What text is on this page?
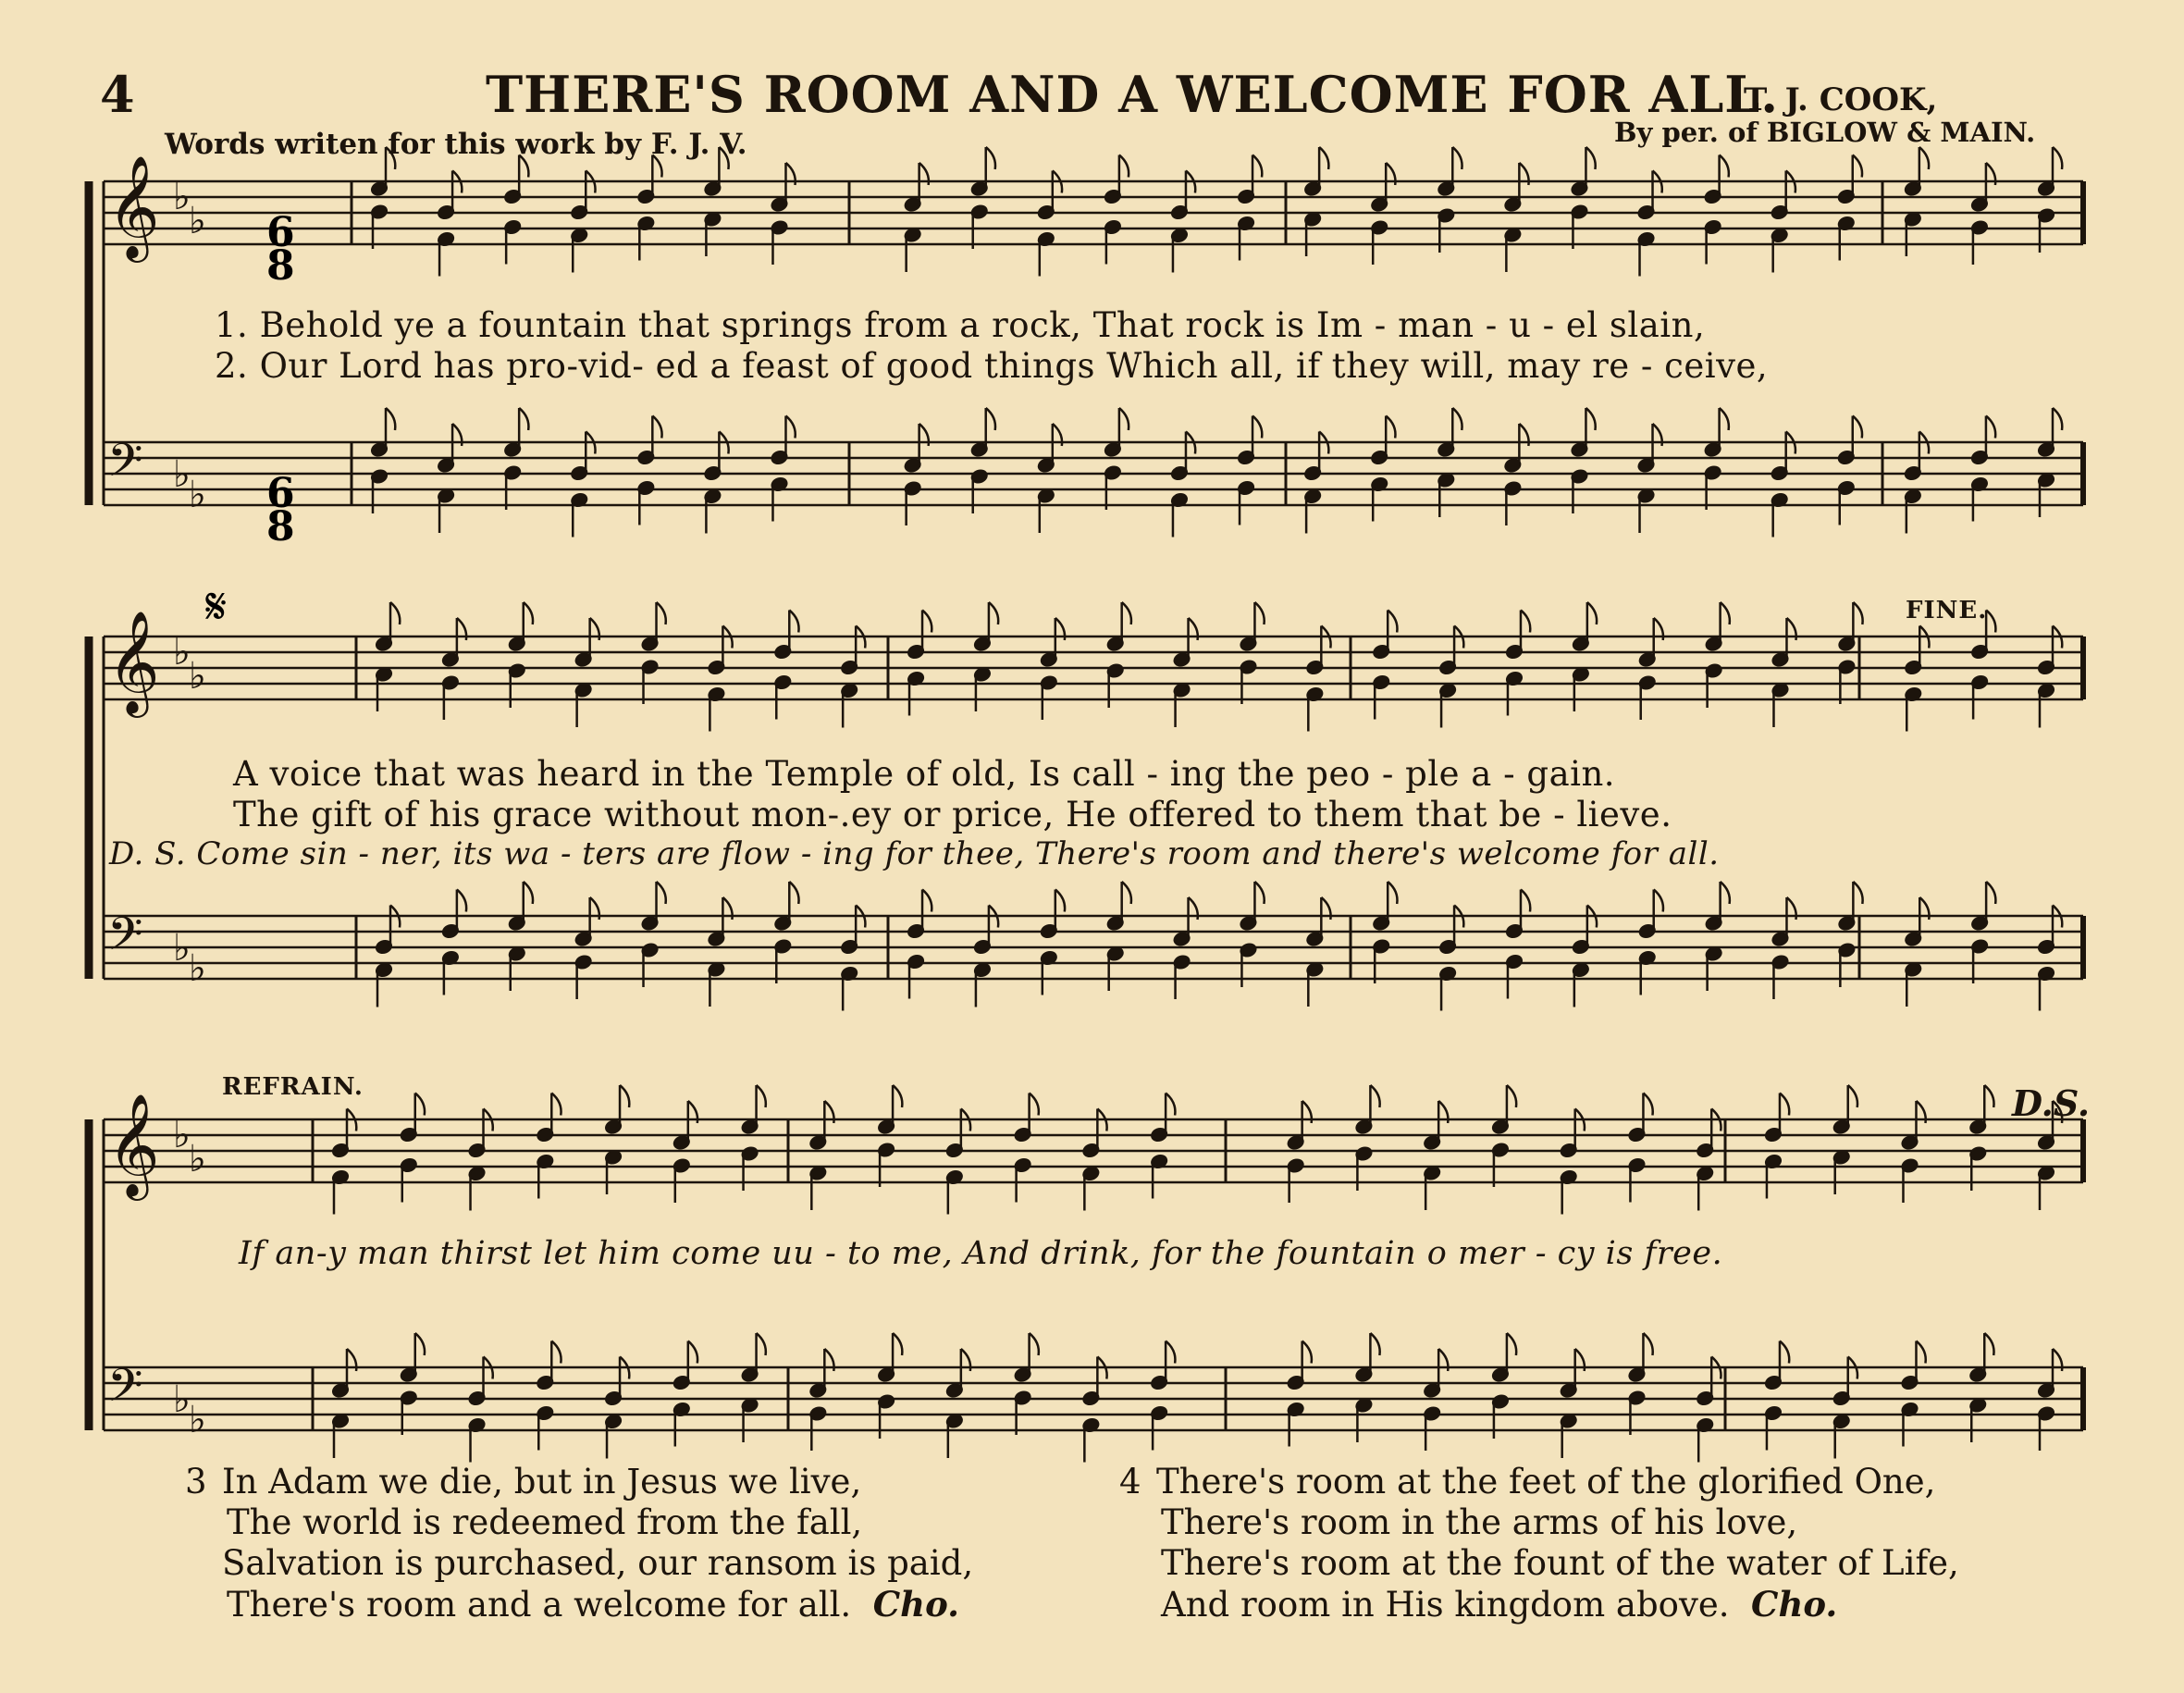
4	THERE'S ROOM AND A WELCOME FOR ALL.
T. J. COOK,
Words writen for this work by F. J. V.	By per. of BIGLOW & MAIN.
𝄞 ♭
♭
𝄢 ♭
♭
𝄞 ♭
♭
𝄢 ♭
♭
𝄞 ♭
♭
𝄢 ♭
♭
6
8
6
8
𝄋	FINE.
REFRAIN.	D.S.
1. Behold ye a fountain that springs from a rock, That rock is Im - man - u - el slain,
2. Our Lord has pro-vid- ed a feast of good things Which all, if they will, may re - ceive,
A voice that was heard in the Temple of old, Is call - ing the peo - ple a - gain.
The gift of his grace without mon-.ey or price, He offered to them that be - lieve.
D. S. Come sin - ner, its wa - ters are flow - ing for thee, There's room and there's welcome for all.
If an-y man thirst let him come uu - to me, And drink, for the fountain o mer - cy is free.
3 In Adam we die, but in Jesus we live,
The world is redeemed from the fall,
Salvation is purchased, our ransom is paid,
There's room and a welcome for all. Cho.
4 There's room at the feet of the glorified One,
There's room in the arms of his love,
There's room at the fount of the water of Life,
And room in His kingdom above. Cho.
